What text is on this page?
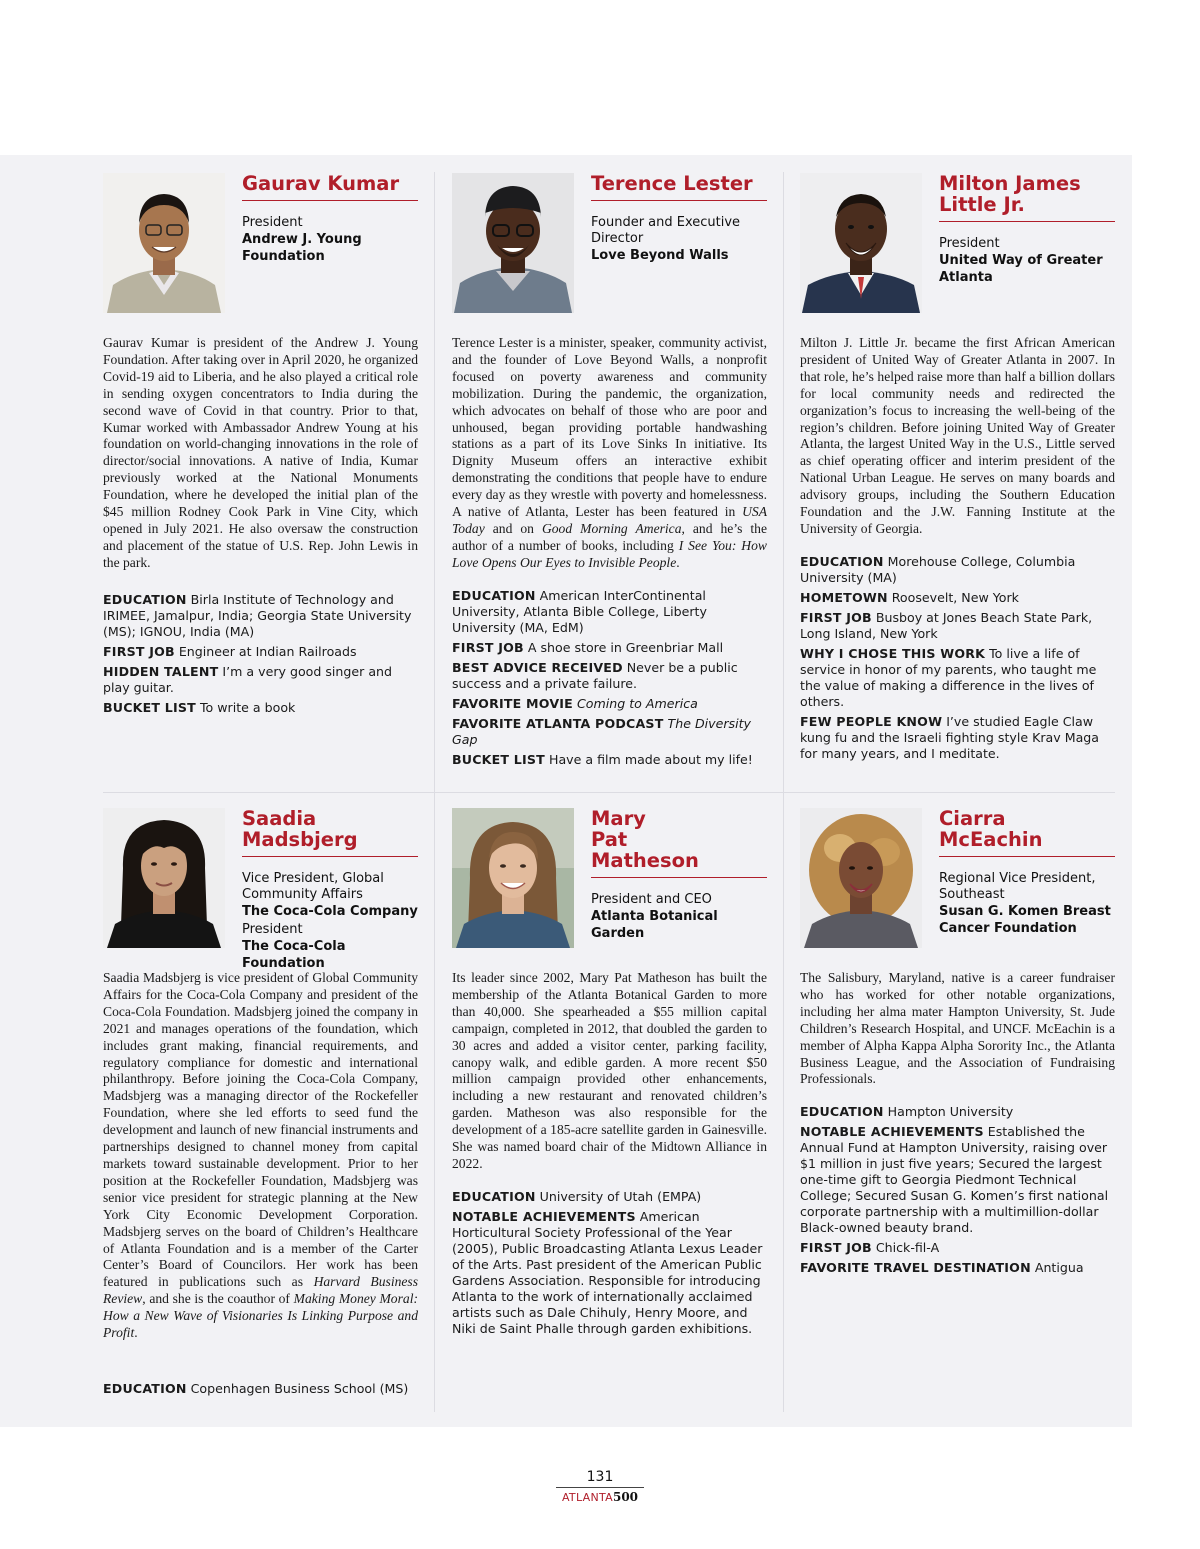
Gaurav Kumar
President
Andrew J. Young Foundation
Gaurav Kumar is president of the Andrew J. Young Foundation. After taking over in April 2020, he organized Covid-19 aid to Liberia, and he also played a critical role in sending oxygen concentrators to India during the second wave of Covid in that country. Prior to that, Kumar worked with Ambassador Andrew Young at his foundation on world-changing innovations in the role of director/social innovations. A native of India, Kumar previously worked at the National Monuments Foundation, where he developed the initial plan of the $45 million Rodney Cook Park in Vine City, which opened in July 2021. He also oversaw the construction and placement of the statue of U.S. Rep. John Lewis in the park.
EDUCATION Birla Institute of Technology and IRIMEE, Jamalpur, India; Georgia State University (MS); IGNOU, India (MA)
FIRST JOB Engineer at Indian Railroads
HIDDEN TALENT I’m a very good singer and play guitar.
BUCKET LIST To write a book
Terence Lester
Founder and Executive Director
Love Beyond Walls
Terence Lester is a minister, speaker, community activist, and the founder of Love Beyond Walls, a nonprofit focused on poverty awareness and community mobilization. During the pandemic, the organization, which advocates on behalf of those who are poor and unhoused, began providing portable handwashing stations as a part of its Love Sinks In initiative. Its Dignity Museum offers an interactive exhibit demonstrating the conditions that people have to endure every day as they wrestle with poverty and homelessness. A native of Atlanta, Lester has been featured in USA Today and on Good Morning America, and he’s the author of a number of books, including I See You: How Love Opens Our Eyes to Invisible People.
EDUCATION American InterContinental University, Atlanta Bible College, Liberty University (MA, EdM)
FIRST JOB A shoe store in Greenbriar Mall
BEST ADVICE RECEIVED Never be a public success and a private failure.
FAVORITE MOVIE Coming to America
FAVORITE ATLANTA PODCAST The Diversity Gap
BUCKET LIST Have a film made about my life!
Milton James
Little Jr.
President
United Way of Greater Atlanta
Milton J. Little Jr. became the first African American president of United Way of Greater Atlanta in 2007. In that role, he’s helped raise more than half a billion dollars for local community needs and redirected the organization’s focus to increasing the well-being of the region’s children. Before joining United Way of Greater Atlanta, the largest United Way in the U.S., Little served as chief operating officer and interim president of the National Urban League. He serves on many boards and advisory groups, including the Southern Education Foundation and the J.W. Fanning Institute at the University of Georgia.
EDUCATION Morehouse College, Columbia University (MA)
HOMETOWN Roosevelt, New York
FIRST JOB Busboy at Jones Beach State Park, Long Island, New York
WHY I CHOSE THIS WORK To live a life of service in honor of my parents, who taught me the value of making a difference in the lives of others.
FEW PEOPLE KNOW I’ve studied Eagle Claw kung fu and the Israeli fighting style Krav Maga for many years, and I meditate.
Saadia
Madsbjerg
Vice President, Global Community Affairs
The Coca-Cola Company
President
The Coca-Cola Foundation
Saadia Madsbjerg is vice president of Global Community Affairs for the Coca-Cola Company and president of the Coca-Cola Foundation. Madsbjerg joined the company in 2021 and manages operations of the foundation, which includes grant making, financial requirements, and regulatory compliance for domestic and international philanthropy. Before joining the Coca-Cola Company, Madsbjerg was a managing director of the Rockefeller Foundation, where she led efforts to seed fund the development and launch of new financial instruments and partnerships designed to channel money from capital markets toward sustainable development. Prior to her position at the Rockefeller Foundation, Madsbjerg was senior vice president for strategic planning at the New York City Economic Development Corporation. Madsbjerg serves on the board of Children’s Healthcare of Atlanta Foundation and is a member of the Carter Center’s Board of Councilors. Her work has been featured in publications such as Harvard Business Review, and she is the coauthor of Making Money Moral: How a New Wave of Visionaries Is Linking Purpose and Profit.
EDUCATION Copenhagen Business School (MS)
Mary
Pat
Matheson
President and CEO
Atlanta Botanical Garden
Its leader since 2002, Mary Pat Matheson has built the membership of the Atlanta Botanical Garden to more than 40,000. She spearheaded a $55 million capital campaign, completed in 2012, that doubled the garden to 30 acres and added a visitor center, parking facility, canopy walk, and edible garden. A more recent $50 million campaign provided other enhancements, including a new restaurant and renovated children’s garden. Matheson was also responsible for the development of a 185-acre satellite garden in Gainesville. She was named board chair of the Midtown Alliance in 2022.
EDUCATION University of Utah (EMPA)
NOTABLE ACHIEVEMENTS American Horticultural Society Professional of the Year (2005), Public Broadcasting Atlanta Lexus Leader of the Arts. Past president of the American Public Gardens Association. Responsible for introducing Atlanta to the work of internationally acclaimed artists such as Dale Chihuly, Henry Moore, and Niki de Saint Phalle through garden exhibitions.
Ciarra
McEachin
Regional Vice President, Southeast
Susan G. Komen Breast Cancer Foundation
The Salisbury, Maryland, native is a career fundraiser who has worked for other notable organizations, including her alma mater Hampton University, St. Jude Children’s Research Hospital, and UNCF. McEachin is a member of Alpha Kappa Alpha Sorority Inc., the Atlanta Business League, and the Association of Fundraising Professionals.
EDUCATION Hampton University
NOTABLE ACHIEVEMENTS Established the Annual Fund at Hampton University, raising over $1 million in just five years; Secured the largest one-time gift to Georgia Piedmont Technical College; Secured Susan G. Komen’s first national corporate partnership with a multimillion-dollar Black-owned beauty brand.
FIRST JOB Chick-fil-A
FAVORITE TRAVEL DESTINATION Antigua
131
ATLANTA500
